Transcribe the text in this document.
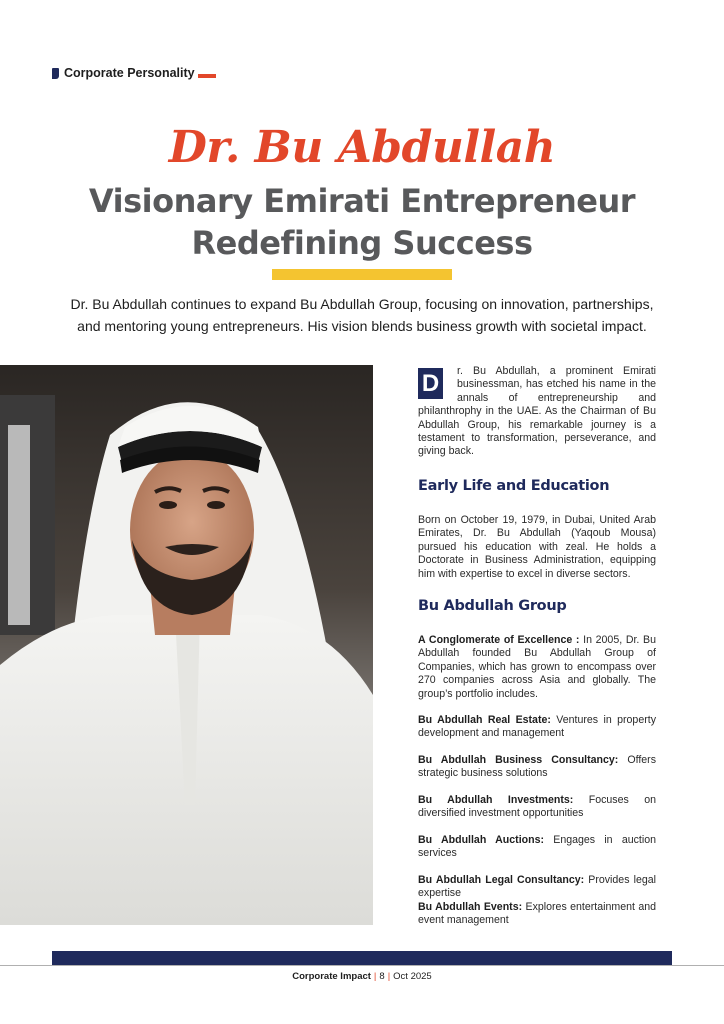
Corporate Personality
Dr. Bu Abdullah
Visionary Emirati Entrepreneur
Redefining Success
Dr. Bu Abdullah continues to expand Bu Abdullah Group, focusing on innovation, partnerships,
and mentoring young entrepreneurs. His vision blends business growth with societal impact.
D	r. Bu Abdullah, a prominent Emirati businessman, has etched his name in the annals of entrepreneurship and philanthrophy in the UAE. As the Chairman of Bu Abdullah Group, his remarkable journey is a testament to transformation, perseverance, and giving back.
Early Life and Education
Born on October 19, 1979, in Dubai, United Arab Emirates, Dr. Bu Abdullah (Yaqoub Mousa) pursued his education with zeal. He holds a Doctorate in Business Administration, equipping him with expertise to excel in diverse sectors.
Bu Abdullah Group
A Conglomerate of Excellence : In 2005, Dr. Bu Abdullah founded Bu Abdullah Group of Companies, which has grown to encompass over 270 companies across Asia and globally. The group’s portfolio includes.
Bu Abdullah Real Estate: Ventures in property development and management
Bu Abdullah Business Consultancy: Offers strategic business solutions
Bu Abdullah Investments: Focuses on diversified investment opportunities
Bu Abdullah Auctions: Engages in auction services
Bu Abdullah Legal Consultancy: Provides legal expertise
Bu Abdullah Events: Explores entertainment and event management
Corporate Impact | 8 | Oct 2025
